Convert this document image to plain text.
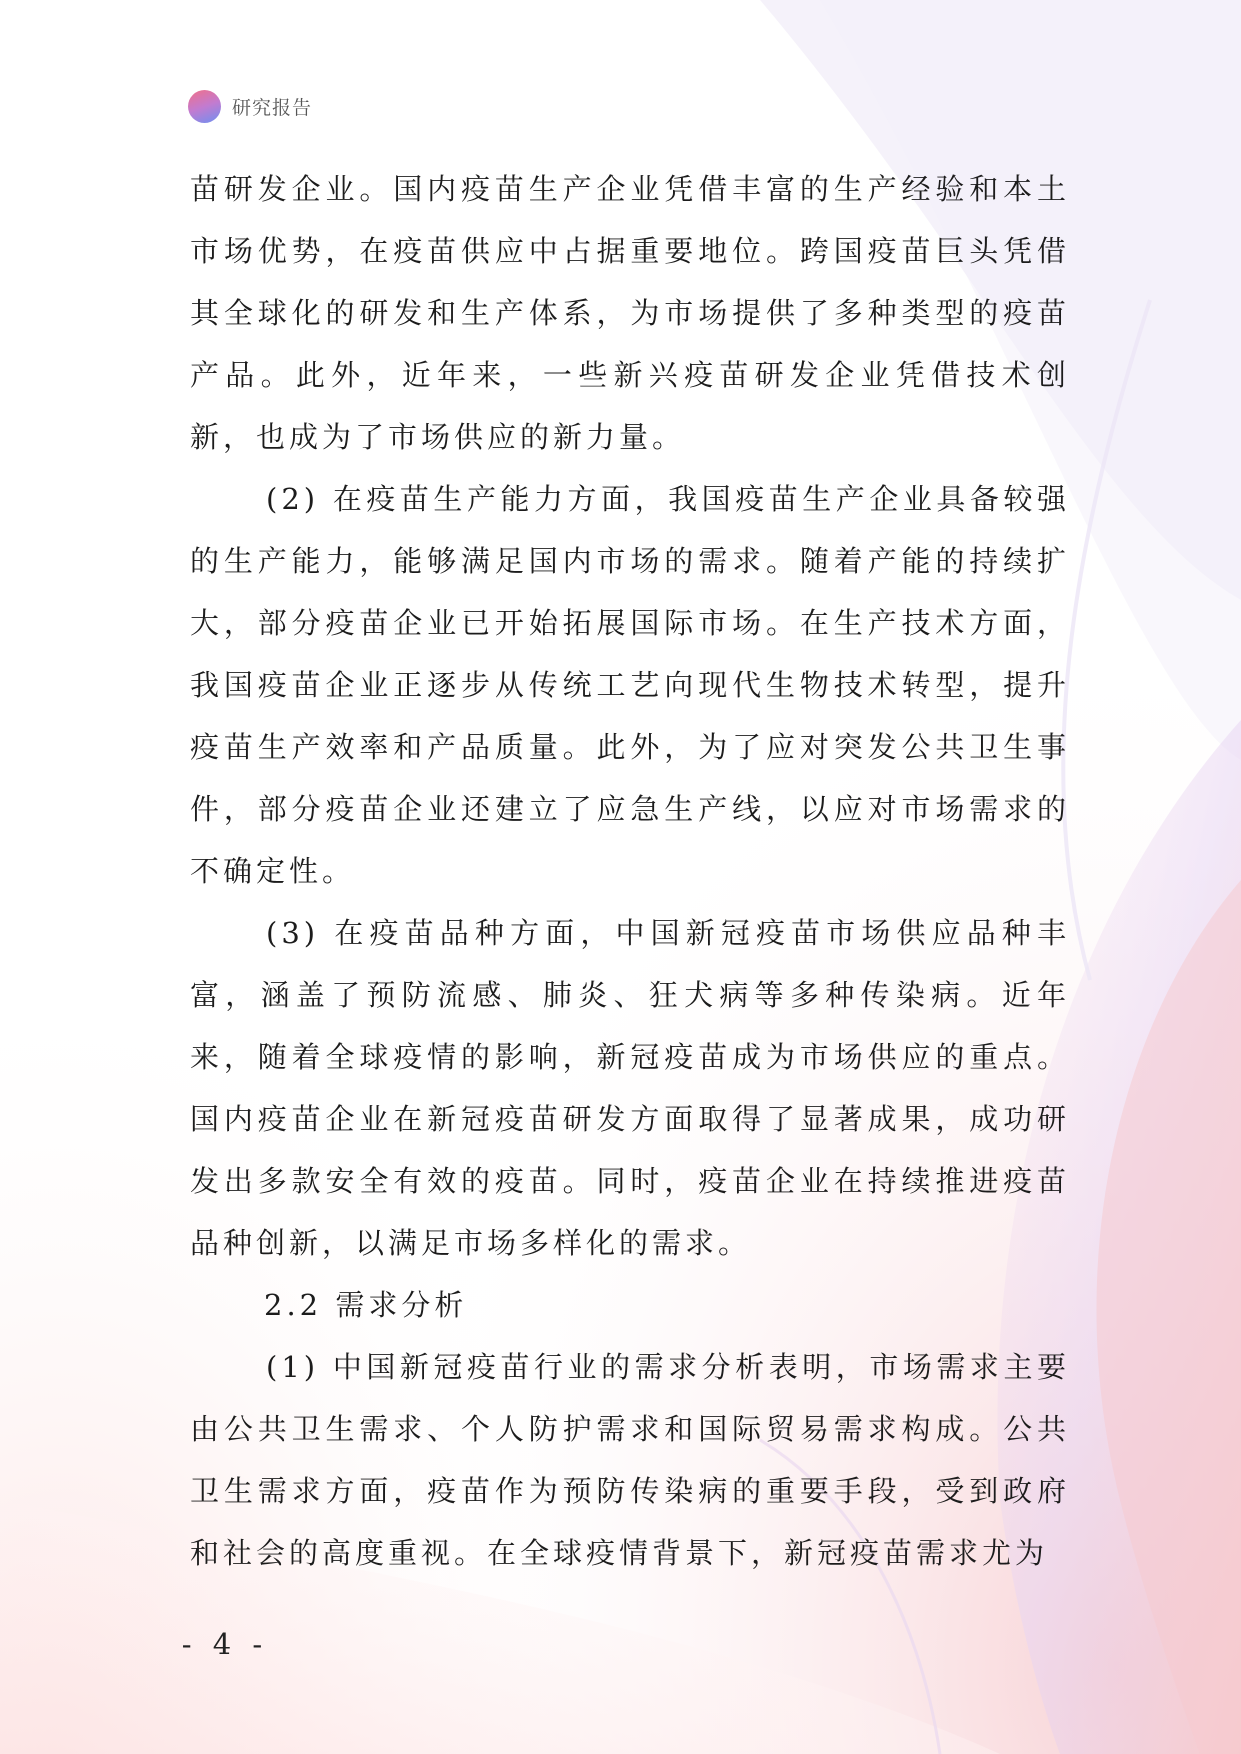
研究报告

苗研发企业。国内疫苗生产企业凭借丰富的生产经验和本土市场优势，在疫苗供应中占据重要地位。跨国疫苗巨头凭借其全球化的研发和生产体系，为市场提供了多种类型的疫苗产品。此外，近年来，一些新兴疫苗研发企业凭借技术创新，也成为了市场供应的新力量。

(2) 在疫苗生产能力方面，我国疫苗生产企业具备较强的生产能力，能够满足国内市场的需求。随着产能的持续扩大，部分疫苗企业已开始拓展国际市场。在生产技术方面，我国疫苗企业正逐步从传统工艺向现代生物技术转型，提升疫苗生产效率和产品质量。此外，为了应对突发公共卫生事件，部分疫苗企业还建立了应急生产线，以应对市场需求的不确定性。

(3) 在疫苗品种方面，中国新冠疫苗市场供应品种丰富，涵盖了预防流感、肺炎、狂犬病等多种传染病。近年来，随着全球疫情的影响，新冠疫苗成为市场供应的重点。国内疫苗企业在新冠疫苗研发方面取得了显著成果，成功研发出多款安全有效的疫苗。同时，疫苗企业在持续推进疫苗品种创新，以满足市场多样化的需求。

2.2 需求分析

(1) 中国新冠疫苗行业的需求分析表明，市场需求主要由公共卫生需求、个人防护需求和国际贸易需求构成。公共卫生需求方面，疫苗作为预防传染病的重要手段，受到政府和社会的高度重视。在全球疫情背景下，新冠疫苗需求尤为

- 4 -
